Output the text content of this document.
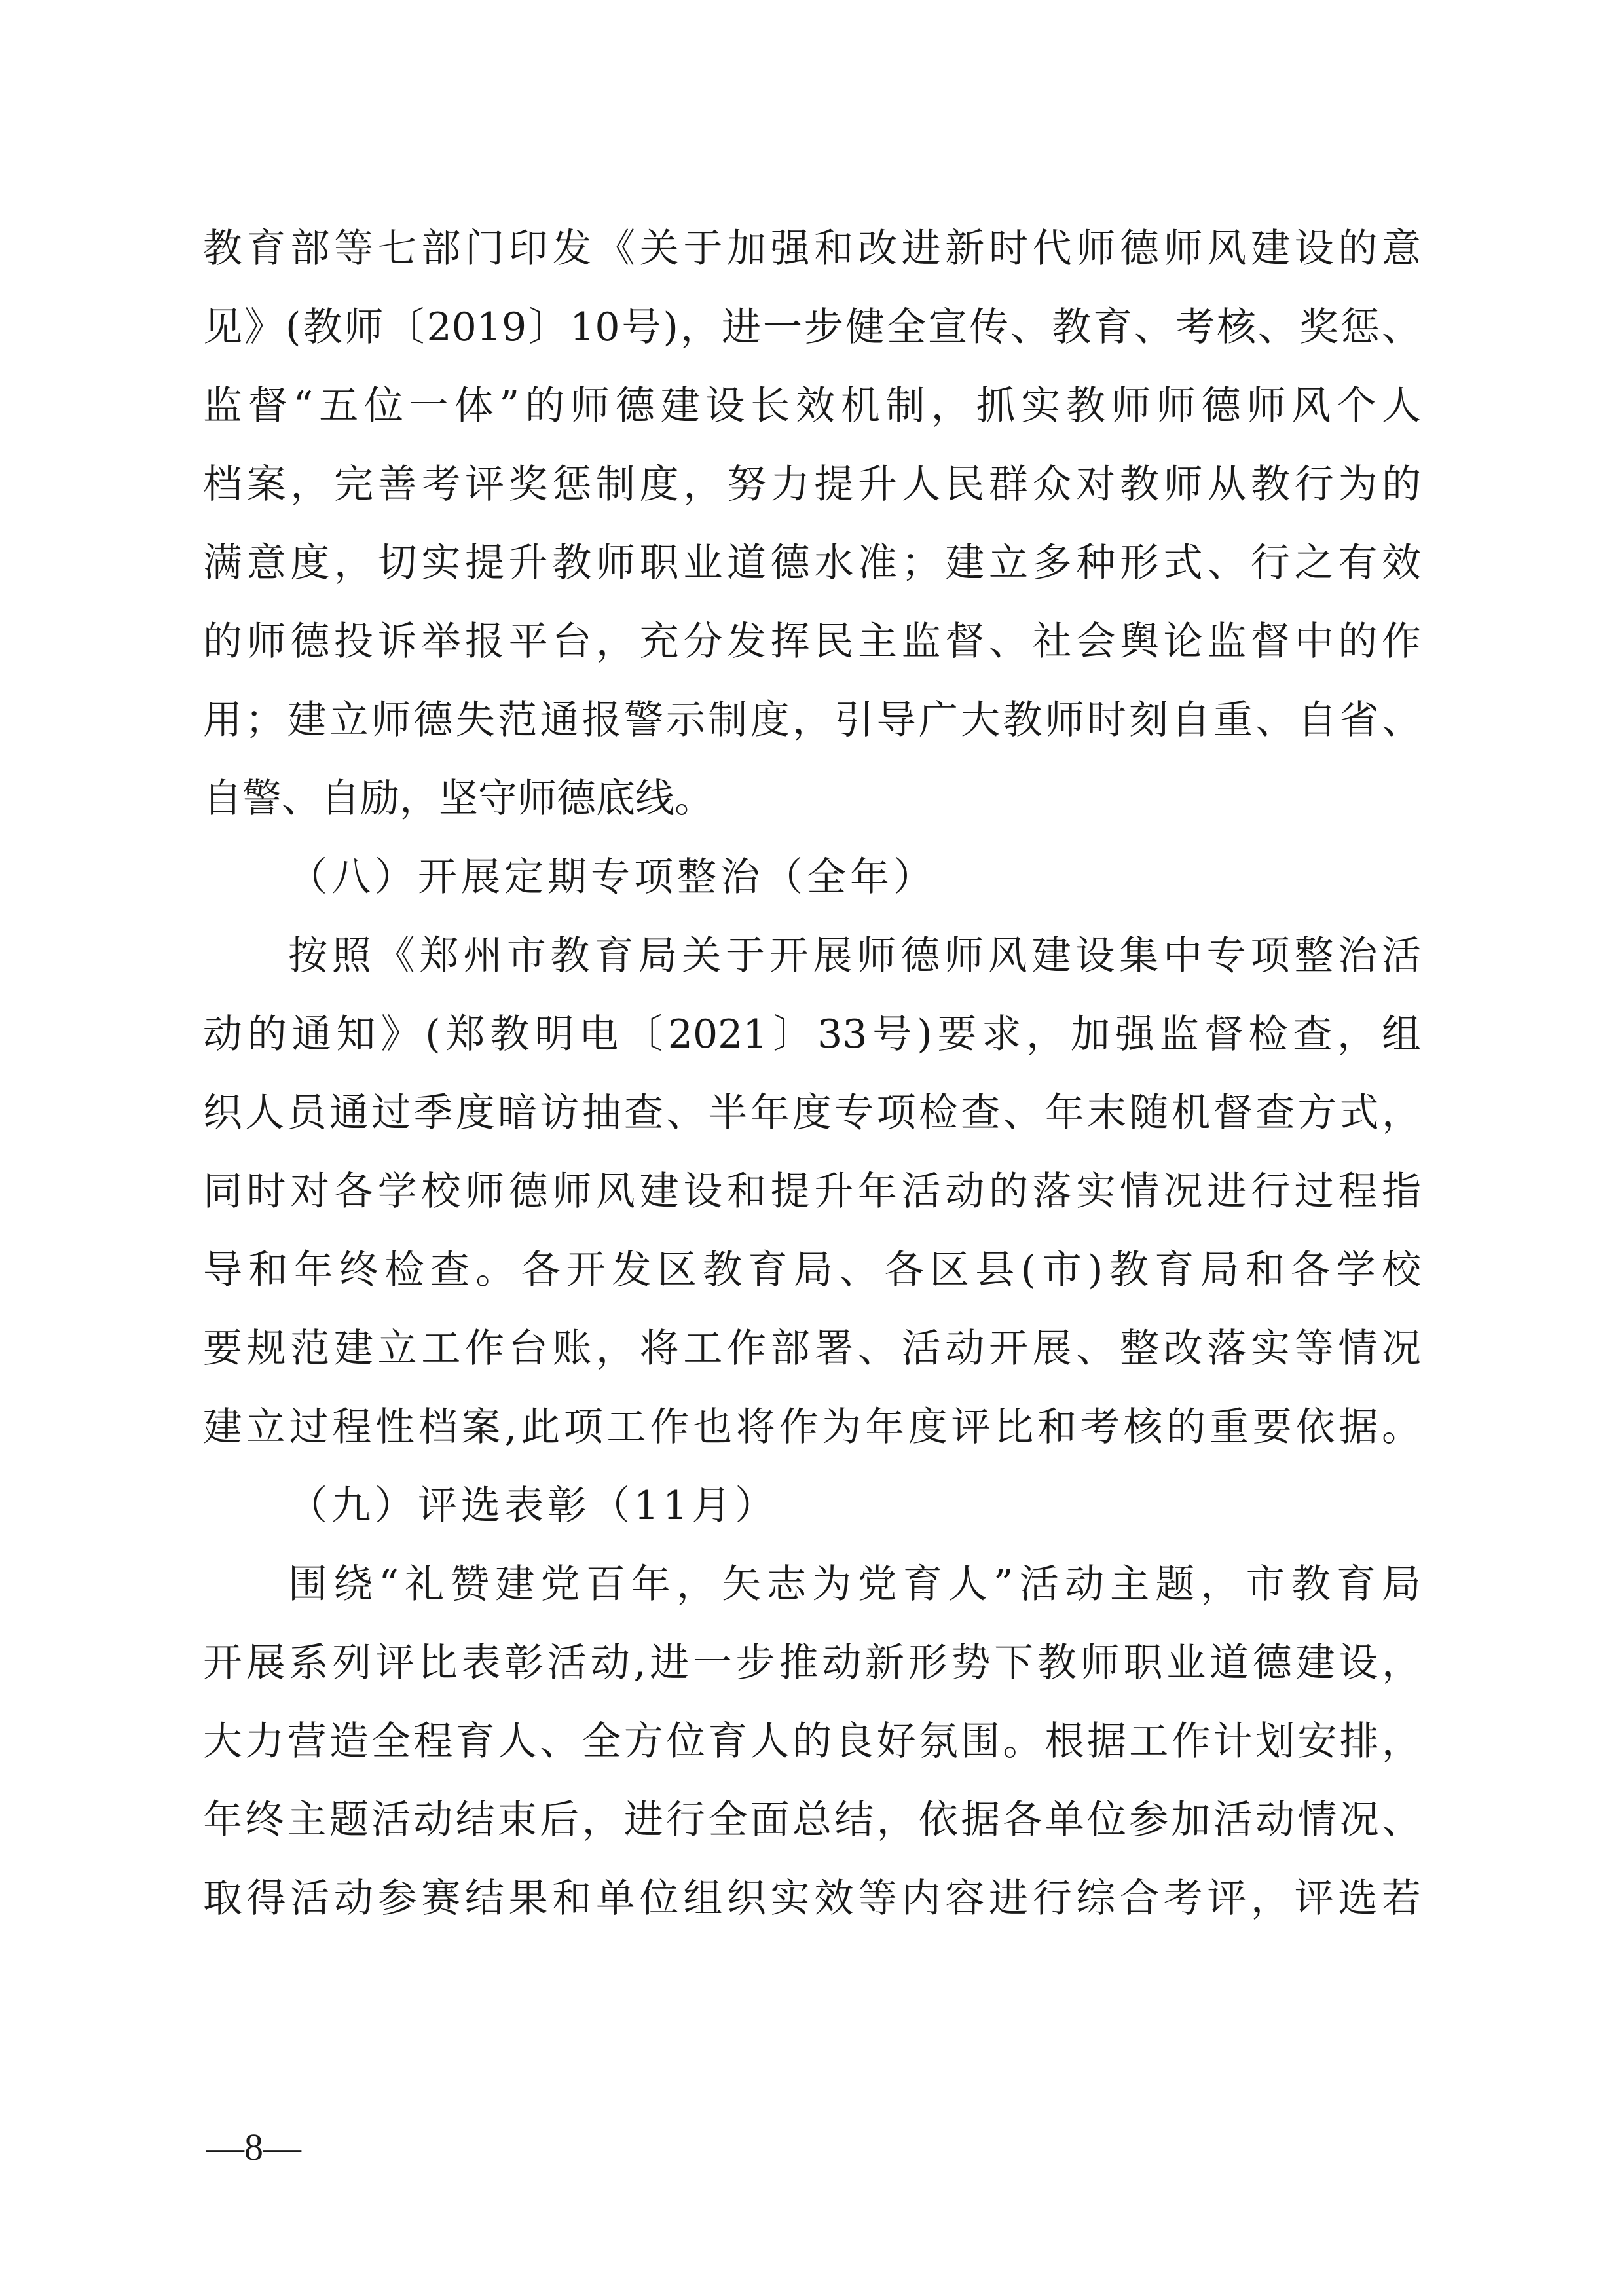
教育部等七部门印发《关于加强和改进新时代师德师风建设的意
见》(教师〔2019〕10号)，进一步健全宣传、教育、考核、奖惩、
监督“五位一体”的师德建设长效机制，抓实教师师德师风个人
档案，完善考评奖惩制度，努力提升人民群众对教师从教行为的
满意度，切实提升教师职业道德水准；建立多种形式、行之有效
的师德投诉举报平台，充分发挥民主监督、社会舆论监督中的作
用；建立师德失范通报警示制度，引导广大教师时刻自重、自省、
自警、自励，坚守师德底线。
（八）开展定期专项整治（全年）
按照《郑州市教育局关于开展师德师风建设集中专项整治活
动的通知》(郑教明电〔2021〕33号)要求，加强监督检查，组
织人员通过季度暗访抽查、半年度专项检查、年末随机督查方式，
同时对各学校师德师风建设和提升年活动的落实情况进行过程指
导和年终检查。各开发区教育局、各区县(市)教育局和各学校
要规范建立工作台账，将工作部署、活动开展、整改落实等情况
建立过程性档案,此项工作也将作为年度评比和考核的重要依据。
（九）评选表彰（11月）
围绕“礼赞建党百年，矢志为党育人”活动主题，市教育局
开展系列评比表彰活动,进一步推动新形势下教师职业道德建设，
大力营造全程育人、全方位育人的良好氛围。根据工作计划安排，
年终主题活动结束后，进行全面总结，依据各单位参加活动情况、
取得活动参赛结果和单位组织实效等内容进行综合考评，评选若
—8—
